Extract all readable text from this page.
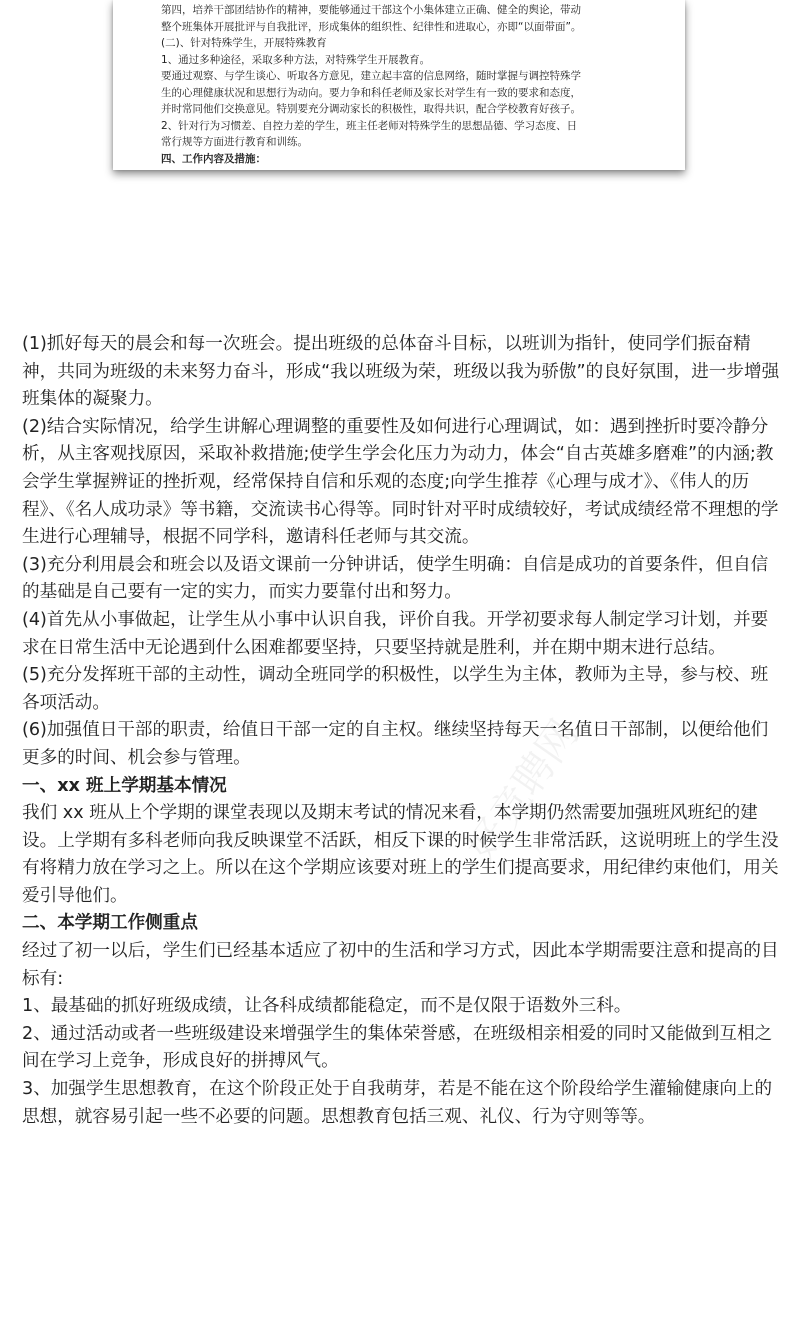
第四，培养干部团结协作的精神，要能够通过干部这个小集体建立正确、健全的舆论，带动
整个班集体开展批评与自我批评，形成集体的组织性、纪律性和进取心，亦即“以面带面”。
(二)、针对特殊学生，开展特殊教育
1、通过多种途径，采取多种方法，对特殊学生开展教育。
要通过观察、与学生谈心、听取各方意见，建立起丰富的信息网络，随时掌握与调控特殊学
生的心理健康状况和思想行为动向。要力争和科任老师及家长对学生有一致的要求和态度，
并时常同他们交换意见。特别要充分调动家长的积极性，取得共识，配合学校教育好孩子。
2、针对行为习惯差、自控力差的学生，班主任老师对特殊学生的思想品德、学习态度、日
常行规等方面进行教育和训练。
四、工作内容及措施：
好竞聘网

(1)抓好每天的晨会和每一次班会。提出班级的总体奋斗目标，以班训为指针，使同学们振奋精神，共同为班级的未来努力奋斗，形成“我以班级为荣，班级以我为骄傲”的良好氛围，进一步增强班集体的凝聚力。

(2)结合实际情况，给学生讲解心理调整的重要性及如何进行心理调试，如：遇到挫折时要冷静分析，从主客观找原因，采取补救措施;使学生学会化压力为动力，体会“自古英雄多磨难”的内涵;教会学生掌握辨证的挫折观，经常保持自信和乐观的态度;向学生推荐《心理与成才》、《伟人的历程》、《名人成功录》等书籍，交流读书心得等。同时针对平时成绩较好，考试成绩经常不理想的学生进行心理辅导，根据不同学科，邀请科任老师与其交流。

(3)充分利用晨会和班会以及语文课前一分钟讲话，使学生明确：自信是成功的首要条件，但自信的基础是自己要有一定的实力，而实力要靠付出和努力。

(4)首先从小事做起，让学生从小事中认识自我，评价自我。开学初要求每人制定学习计划，并要求在日常生活中无论遇到什么困难都要坚持，只要坚持就是胜利，并在期中期末进行总结。

(5)充分发挥班干部的主动性，调动全班同学的积极性，以学生为主体，教师为主导，参与校、班各项活动。

(6)加强值日干部的职责，给值日干部一定的自主权。继续坚持每天一名值日干部制，以便给他们更多的时间、机会参与管理。

一、xx 班上学期基本情况

我们 xx 班从上个学期的课堂表现以及期末考试的情况来看，本学期仍然需要加强班风班纪的建设。上学期有多科老师向我反映课堂不活跃，相反下课的时候学生非常活跃，这说明班上的学生没有将精力放在学习之上。所以在这个学期应该要对班上的学生们提高要求，用纪律约束他们，用关爱引导他们。

二、本学期工作侧重点

经过了初一以后，学生们已经基本适应了初中的生活和学习方式，因此本学期需要注意和提高的目标有:

1、最基础的抓好班级成绩，让各科成绩都能稳定，而不是仅限于语数外三科。

2、通过活动或者一些班级建设来增强学生的集体荣誉感，在班级相亲相爱的同时又能做到互相之间在学习上竞争，形成良好的拼搏风气。

3、加强学生思想教育，在这个阶段正处于自我萌芽，若是不能在这个阶段给学生灌输健康向上的思想，就容易引起一些不必要的问题。思想教育包括三观、礼仪、行为守则等等。
